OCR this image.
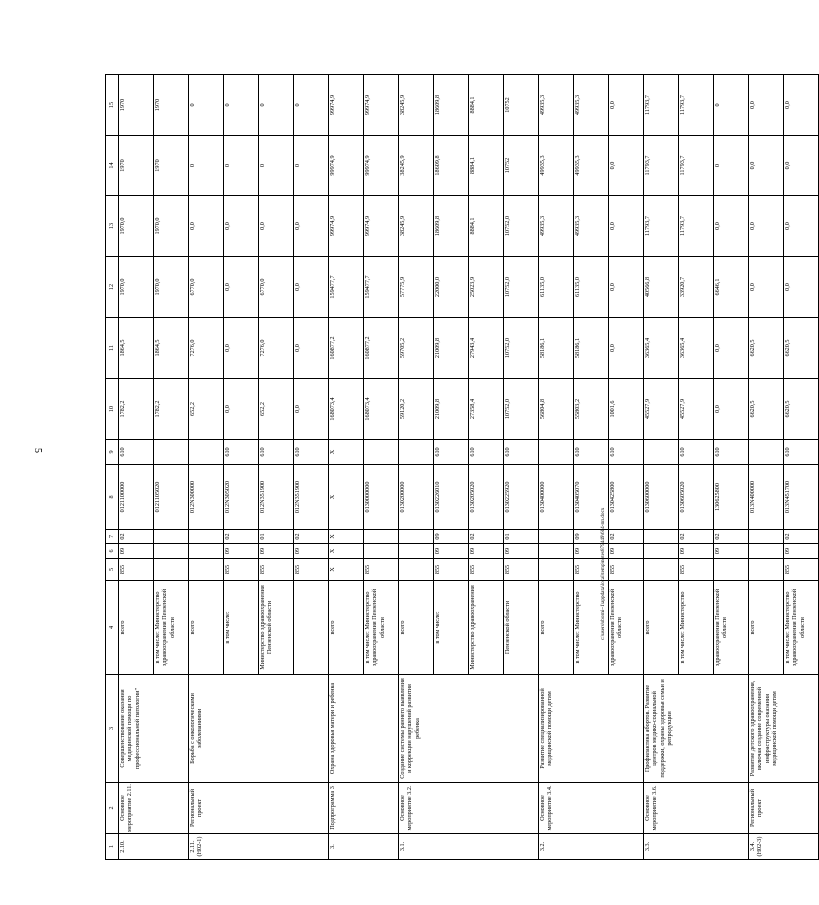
5
1	2	3	4	5	6	7	8	9	10	11	12	13	14	15
2.10.	Основное мероприятие 2.11.	Совершенствование оказания медицинской помощи по профессиональной патологии"	всего	855	09	02	0121100000	610	1782,2	1864,5	1970,0	1970,0	1970	1970
			в том числе: Министерство здравоохранения Пензенской области				0121105020		1782,2	1864,5	1970,0	1970,0	1970	1970
2.11. (Н02-1)	Региональный проект	Борьба с онкологическими заболеваниями	всего				012N300000		652,2	7276,0	6770,0	0,0	0	0
			в том числе:	855	09	02	012N305020	610	0,0	0,0	0,0	0,0	0	0
			Министерство здравоохранения Пензенской области	855	09	01	012N351900	610	652,2	7276,0	6770,0	0,0	0	0
				855	09	02	012N351900	610	0,0	0,0	0,0	0,0	0	0
3.	Подпрограмма 3	Охрана здоровья матери и ребенка	всего	X	X	X	X	X	168073,4	160877,2	159477,7	99974,9	99974,9	99974,9
			в том числе: Министерство здравоохранения Пензенской области	855			0130000000		168073,4	160877,2	159477,7	99974,9	99974,9	99974,9
3.1.	Основное мероприятие 3.2.	Создание системы раннего выявления и коррекции нарушений развития ребенка	всего				0130200000		59120,2	59705,2	57775,9	38245,9	38245,9	38245,9
			в том числе:	855	09	09	0130226010	610	21009,8	21009,8	22000,0	18609,8	18609,8	18609,8
			Министерство здравоохранения	855	09	02	0130205020	610	27358,4	27943,4	25023,9	8884,1	8884,1	8884,1
			Пензенской области	855	09	01	0130225920	610	10752,0	10752,0	10752,0	10752,0	10752	10752
3.2.	Основное мероприятие 3.4.	Развитие специализированной медицинской помощи детям	всего				0130400000		56804,8	58186,1	61135,0	49935,3	49935,3	49935,3
			в том числе: Министерство	855	09	09	0130405070	610	55803,2	58186,1	61135,0	49935,3	49935,3	49935,3
			здравоохранения Пензенской области	855	09	02	0130425800	610	1001,6	0,0	0,0	0,0	0,0	0,0
3.3.	Основное мероприятие 3.6.	Профилактика абортов. Развитие центров медико-социальной поддержки, охраны здоровья семьи и репродукции	всего				0130600000		45527,9	36365,4	40566,8	11793,7	11793,7	11793,7
			в том числе: Министерство	855	09	02	0130605020	610	45527,9	36365,4	33920,7	11793,7	11793,7	11793,7
			здравоохранения Пензенской области		09	02	130625800	610	0,0	0,0	6646,1	0,0	0	0
3.4. (Н02-3)	Региональный проект	Развитие детского здравоохранения, включая создание современной инфраструктуры оказания медицинской помощи детям	всего				013N400000		6620,5	6620,5	0,0	0,0	0,0	0,0
			в том числе: Министерство здравоохранения Пензенской области	855	09	02	013N451700	610	6620,5	6620,5	0,0	0,0	0,0	0,0
c:\users\sborni~1\appdata\local\temp\notes879449\614-пп.docx
